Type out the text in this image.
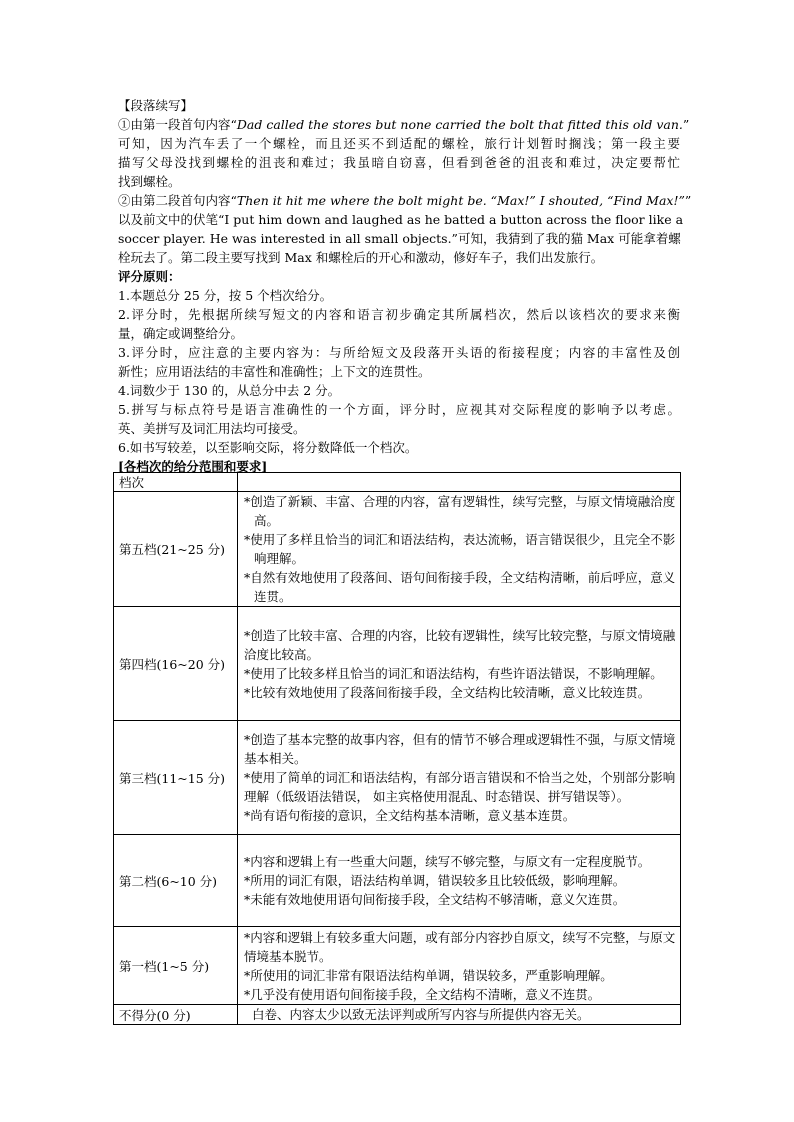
【段落续写】
①由第一段首句内容“Dad called the stores but none carried the bolt that fitted this old van.”
可知，因为汽车丢了一个螺栓，而且还买不到适配的螺栓，旅行计划暂时搁浅；第一段主要
描写父母没找到螺栓的沮丧和难过；我虽暗自窃喜，但看到爸爸的沮丧和难过，决定要帮忙
找到螺栓。
②由第二段首句内容“Then it hit me where the bolt might be. “Max!” I shouted, “Find Max!””
以及前文中的伏笔“I put him down and laughed as he batted a button across the floor like a
soccer player. He was interested in all small objects.”可知，我猜到了我的猫 Max 可能拿着螺
栓玩去了。第二段主要写找到 Max 和螺栓后的开心和激动，修好车子，我们出发旅行。
评分原则：
1.本题总分 25 分，按 5 个档次给分。
2.评分时，先根据所续写短文的内容和语言初步确定其所属档次，然后以该档次的要求来衡
量，确定或调整给分。
3.评分时，应注意的主要内容为：与所给短文及段落开头语的衔接程度；内容的丰富性及创
新性；应用语法结的丰富性和准确性；上下文的连贯性。
4.词数少于 130 的，从总分中去 2 分。
5.拼写与标点符号是语言准确性的一个方面，评分时，应视其对交际程度的影响予以考虑。
英、美拼写及词汇用法均可接受。
6.如书写较差，以至影响交际，将分数降低一个档次。
[各档次的给分范围和要求]
档次	
第五档(21~25 分)	*创造了新颖、丰富、合理的内容，富有逻辑性，续写完整，与原文情境融洽度高。
*使用了多样且恰当的词汇和语法结构，表达流畅，语言错误很少，且完全不影响理解。
*自然有效地使用了段落间、语句间衔接手段，全文结构清晰，前后呼应，意义连贯。

第四档(16~20 分)	*创造了比较丰富、合理的内容，比较有逻辑性，续写比较完整，与原文情境融洽度比较高。
*使用了比较多样且恰当的词汇和语法结构，有些许语法错误，不影响理解。
*比较有效地使用了段落间衔接手段，全文结构比较清晰，意义比较连贯。

第三档(11~15 分)	*创造了基本完整的故事内容，但有的情节不够合理或逻辑性不强，与原文情境基本相关。
*使用了简单的词汇和语法结构，有部分语言错误和不恰当之处，个别部分影响理解（低级语法错误， 如主宾格使用混乱、时态错误、拼写错误等）。
*尚有语句衔接的意识，全文结构基本清晰，意义基本连贯。

第二档(6~10 分)	*内容和逻辑上有一些重大问题，续写不够完整，与原文有一定程度脱节。
*所用的词汇有限，语法结构单调，错误较多且比较低级，影响理解。
*未能有效地使用语句间衔接手段，全文结构不够清晰，意义欠连贯。

第一档(1~5 分)	*内容和逻辑上有较多重大问题，或有部分内容抄自原文，续写不完整，与原文情境基本脱节。
*所使用的词汇非常有限语法结构单调，错误较多，严重影响理解。
*几乎没有使用语句间衔接手段，全文结构不清晰，意义不连贯。

不得分(0 分)	白卷、内容太少以致无法评判或所写内容与所提供内容无关。
